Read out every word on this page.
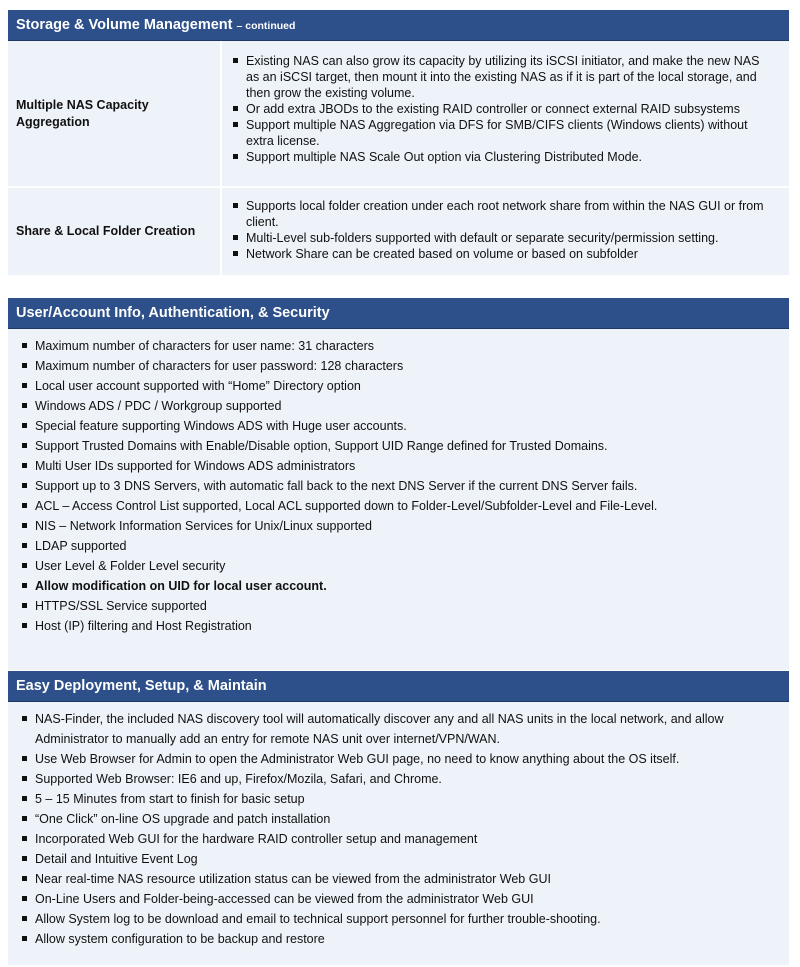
Storage & Volume Management – continued
Multiple NAS Capacity Aggregation
Existing NAS can also grow its capacity by utilizing its iSCSI initiator, and make the new NAS as an iSCSI target, then mount it into the existing NAS as if it is part of the local storage, and then grow the existing volume.
Or add extra JBODs to the existing RAID controller or connect external RAID subsystems
Support multiple NAS Aggregation via DFS for SMB/CIFS clients (Windows clients) without extra license.
Support multiple NAS Scale Out option via Clustering Distributed Mode.
Share & Local Folder Creation
Supports local folder creation under each root network share from within the NAS GUI or from client.
Multi-Level sub-folders supported with default or separate security/permission setting.
Network Share can be created based on volume or based on subfolder
User/Account Info, Authentication, & Security
Maximum number of characters for user name: 31 characters
Maximum number of characters for user password: 128 characters
Local user account supported with “Home” Directory option
Windows ADS / PDC / Workgroup supported
Special feature supporting Windows ADS with Huge user accounts.
Support Trusted Domains with Enable/Disable option, Support UID Range defined for Trusted Domains.
Multi User IDs supported for Windows ADS administrators
Support up to 3 DNS Servers, with automatic fall back to the next DNS Server if the current DNS Server fails.
ACL – Access Control List supported, Local ACL supported down to Folder-Level/Subfolder-Level and File-Level.
NIS – Network Information Services for Unix/Linux supported
LDAP supported
User Level & Folder Level security
Allow modification on UID for local user account.
HTTPS/SSL Service supported
Host (IP) filtering and Host Registration
Easy Deployment, Setup, & Maintain
NAS-Finder, the included NAS discovery tool will automatically discover any and all NAS units in the local network, and allow Administrator to manually add an entry for remote NAS unit over internet/VPN/WAN.
Use Web Browser for Admin to open the Administrator Web GUI page, no need to know anything about the OS itself.
Supported Web Browser: IE6 and up, Firefox/Mozila, Safari, and Chrome.
5 – 15 Minutes from start to finish for basic setup
“One Click” on-line OS upgrade and patch installation
Incorporated Web GUI for the hardware RAID controller setup and management
Detail and Intuitive Event Log
Near real-time NAS resource utilization status can be viewed from the administrator Web GUI
On-Line Users and Folder-being-accessed can be viewed from the administrator Web GUI
Allow System log to be download and email to technical support personnel for further trouble-shooting.
Allow system configuration to be backup and restore
